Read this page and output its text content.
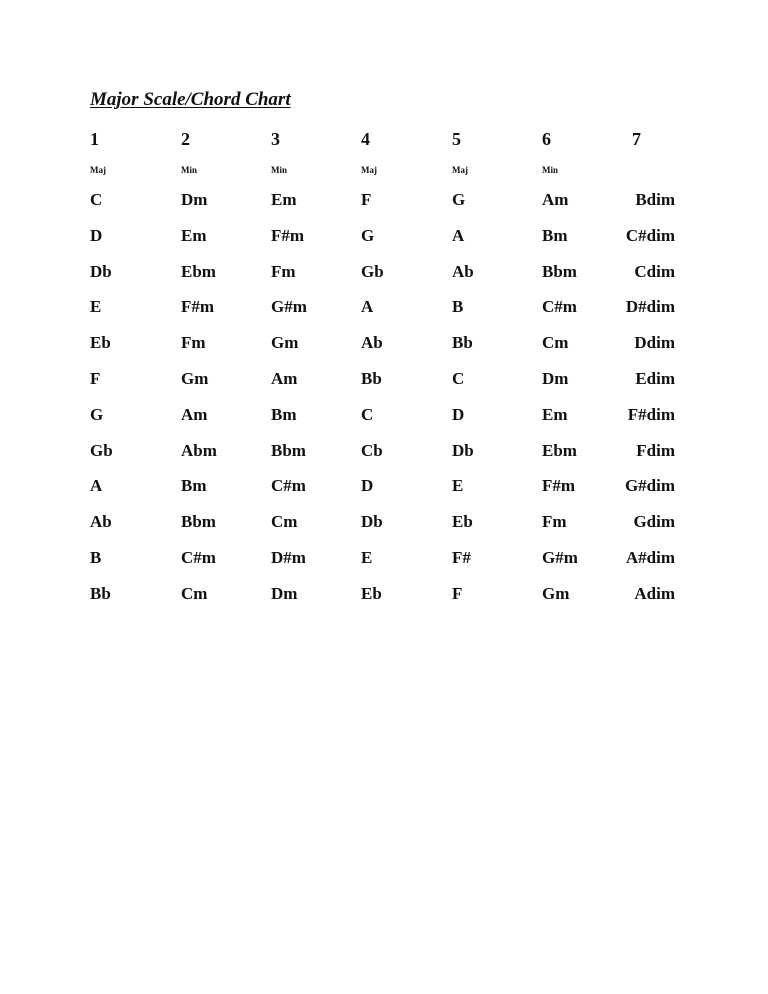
Major Scale/Chord Chart
1	2	3	4	5	6	7
Maj	Min	Min	Maj	Maj	Min
C	Dm	Em	F	G	Am	Bdim
D	Em	F#m	G	A	Bm	C#dim
Db	Ebm	Fm	Gb	Ab	Bbm	Cdim
E	F#m	G#m	A	B	C#m	D#dim
Eb	Fm	Gm	Ab	Bb	Cm	Ddim
F	Gm	Am	Bb	C	Dm	Edim
G	Am	Bm	C	D	Em	F#dim
Gb	Abm	Bbm	Cb	Db	Ebm	Fdim
A	Bm	C#m	D	E	F#m	G#dim
Ab	Bbm	Cm	Db	Eb	Fm	Gdim
B	C#m	D#m	E	F#	G#m	A#dim
Bb	Cm	Dm	Eb	F	Gm	Adim
